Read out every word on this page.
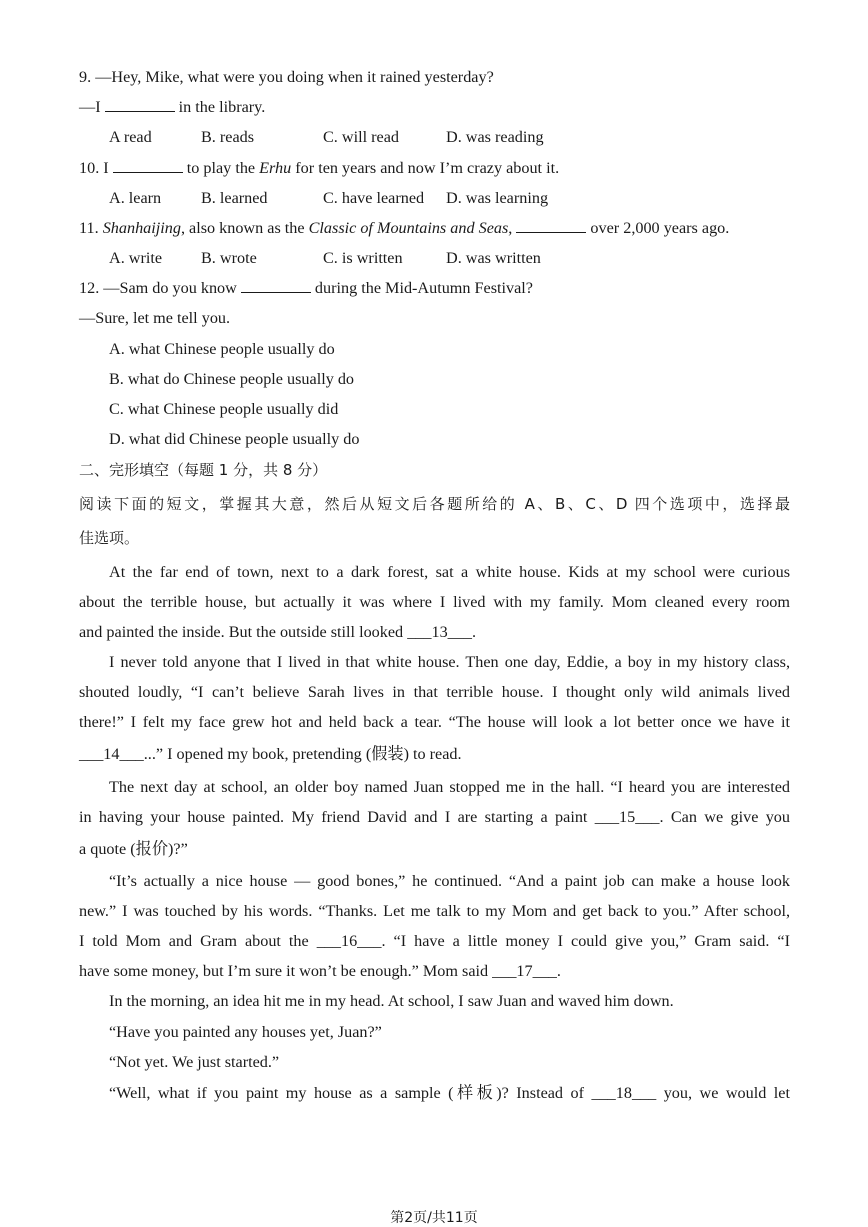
9. —Hey, Mike, what were you doing when it rained yesterday?
—I	in the library.
A read	B. reads	C. will read	D. was reading
10. I	to play the Erhu for ten years and now I’m crazy about it.
A. learn B. learned	C. have learned D. was learning
11. Shanhaijing, also known as the Classic of Mountains and Seas,	over 2,000 years ago.
A. write B. wrote	C. is written	D. was written
12. —Sam do you know	during the Mid-Autumn Festival?
—Sure, let me tell you.
A. what Chinese people usually do
B. what do Chinese people usually do
C. what Chinese people usually did
D. what did Chinese people usually do
二、完形填空（每题 1 分，共 8 分）
阅读下面的短文，掌握其大意，然后从短文后各题所给的 A、B、C、D 四个选项中，选择最
佳选项。
At the far end of town, next to a dark forest, sat a white house. Kids at my school were curious
about the terrible house, but actually it was where I lived with my family. Mom cleaned every room
and painted the inside. But the outside still looked ___13___.
I never told anyone that I lived in that white house. Then one day, Eddie, a boy in my history class,
shouted loudly, “I can’t believe Sarah lives in that terrible house. I thought only wild animals lived
there!” I felt my face grew hot and held back a tear. “The house will look a lot better once we have it
___14___...” I opened my book, pretending (假装) to read.
The next day at school, an older boy named Juan stopped me in the hall. “I heard you are interested
in having your house painted. My friend David and I are starting a paint ___15___. Can we give you
a quote (报价)?”
“It’s actually a nice house — good bones,” he continued. “And a paint job can make a house look
new.” I was touched by his words. “Thanks. Let me talk to my Mom and get back to you.” After school,
I told Mom and Gram about the ___16___. “I have a little money I could give you,” Gram said. “I
have some money, but I’m sure it won’t be enough.” Mom said ___17___.
In the morning, an idea hit me in my head. At school, I saw Juan and waved him down.
“Have you painted any houses yet, Juan?”
“Not yet. We just started.”
“Well, what if you paint my house as a sample (样板)? Instead of ___18___ you, we would let
第2页/共11页
